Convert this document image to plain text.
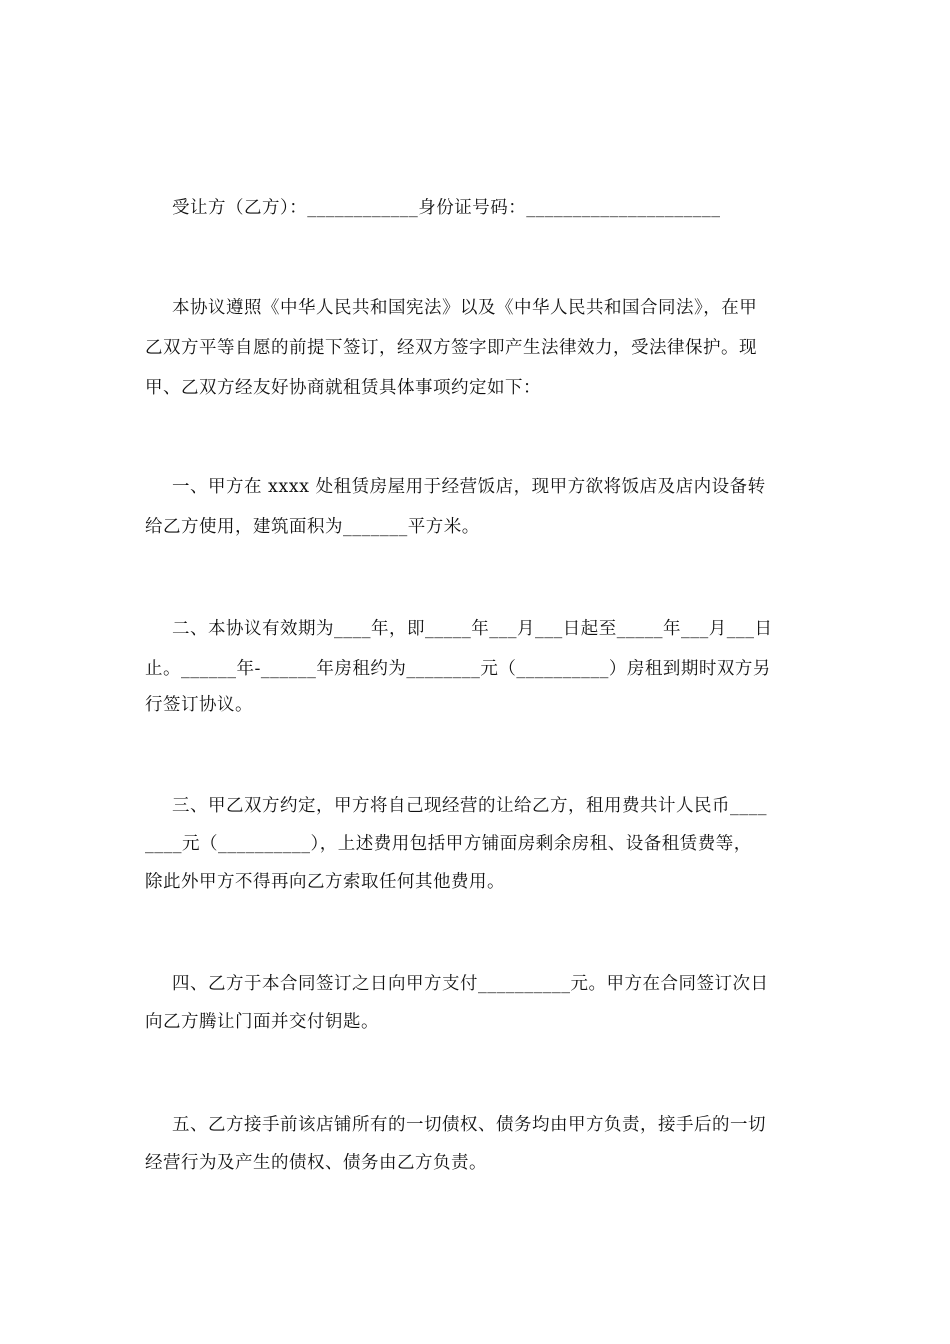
受让方（乙方）：____________身份证号码：_____________________
本协议遵照《中华人民共和国宪法》以及《中华人民共和国合同法》，在甲
乙双方平等自愿的前提下签订，经双方签字即产生法律效力，受法律保护。现
甲、乙双方经友好协商就租赁具体事项约定如下：
一、甲方在 xxxx 处租赁房屋用于经营饭店，现甲方欲将饭店及店内设备转
给乙方使用，建筑面积为_______平方米。
二、本协议有效期为____年，即_____年___月___日起至_____年___月___日
止。______年-______年房租约为________元（__________）房租到期时双方另
行签订协议。
三、甲乙双方约定，甲方将自己现经营的让给乙方，租用费共计人民币____
____元（__________），上述费用包括甲方铺面房剩余房租、设备租赁费等，
除此外甲方不得再向乙方索取任何其他费用。
四、乙方于本合同签订之日向甲方支付__________元。甲方在合同签订次日
向乙方腾让门面并交付钥匙。
五、乙方接手前该店铺所有的一切债权、债务均由甲方负责，接手后的一切
经营行为及产生的债权、债务由乙方负责。
